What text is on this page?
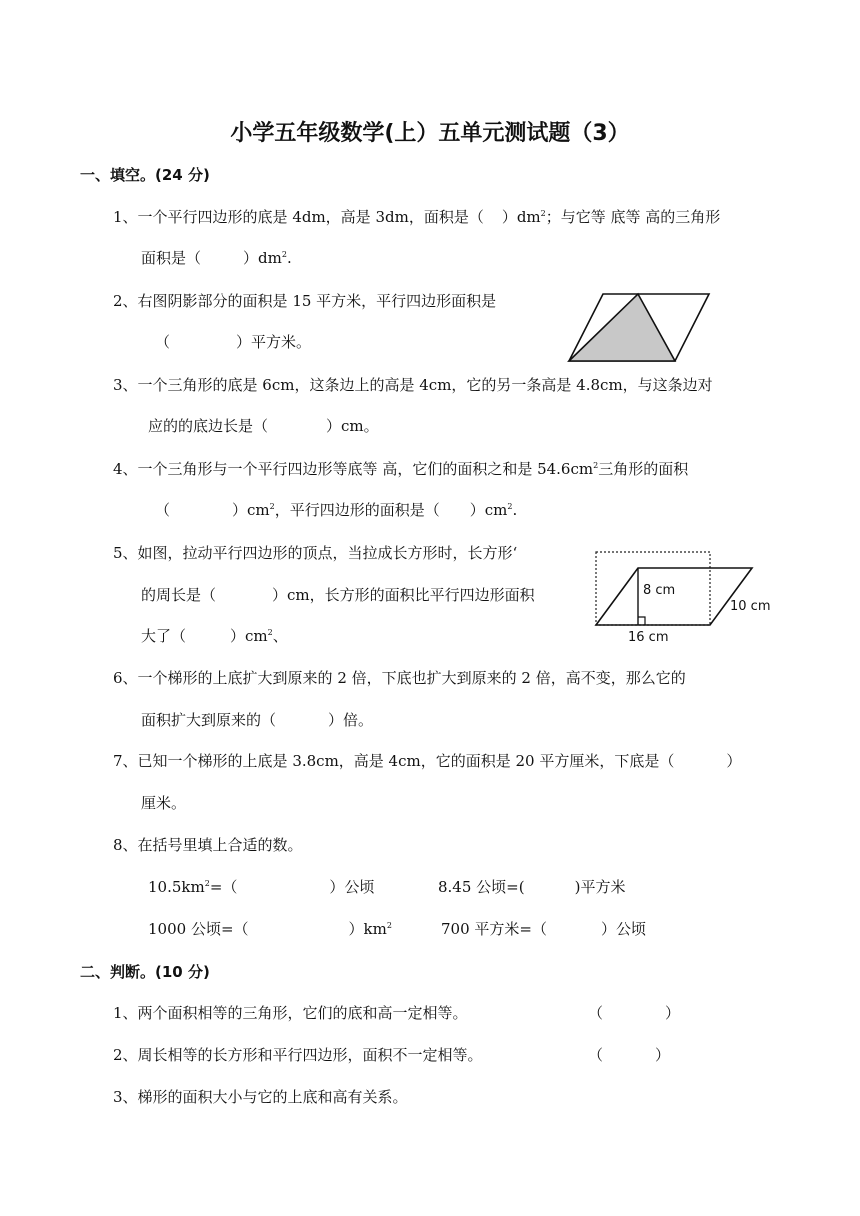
小学五年级数学(上）五单元测试题（3）
一、填空。(24 分)
1、一个平行四边形的底是 4dm，高是 3dm，面积是（ ）$dm^2$；与它等 底等 高的三角形
面积是（	）$dm^2$.
2、右图阴影部分的面积是 15 平方米，平行四边形面积是
（	）平方米。
3、一个三角形的底是 6cm，这条边上的高是 4cm，它的另一条高是 4.8cm，与这条边对
应的的底边长是（	）cm。
4、一个三角形与一个平行四边形等底等 高，它们的面积之和是 $54.6cm^2$三角形的面积
（	）$cm^2$，平行四边形的面积是（ ）$cm^2$.
5、如图，拉动平行四边形的顶点，当拉成长方形时，长方形‘
的周长是（	）cm，长方形的面积比平行四边形面积
大了（	）$cm^2$、
8 cm
10 cm
16 cm
6、一个梯形的上底扩大到原来的 2 倍，下底也扩大到原来的 2 倍，高不变，那么它的
面积扩大到原来的（	）倍。
7、已知一个梯形的上底是 3.8cm，高是 4cm，它的面积是 20 平方厘米，下底是（	）
厘米。
8、在括号里填上合适的数。
$10.5km^2=$（	）公顷	8.45 公顷=(	)平方米
1000 公顷=（	）$km^2$	700 平方米=（	）公顷
二、判断。(10 分)
1、两个面积相等的三角形，它们的底和高一定相等。	（	）
2、周长相等的长方形和平行四边形，面积不一定相等。	（	）
3、梯形的面积大小与它的上底和高有关系。
